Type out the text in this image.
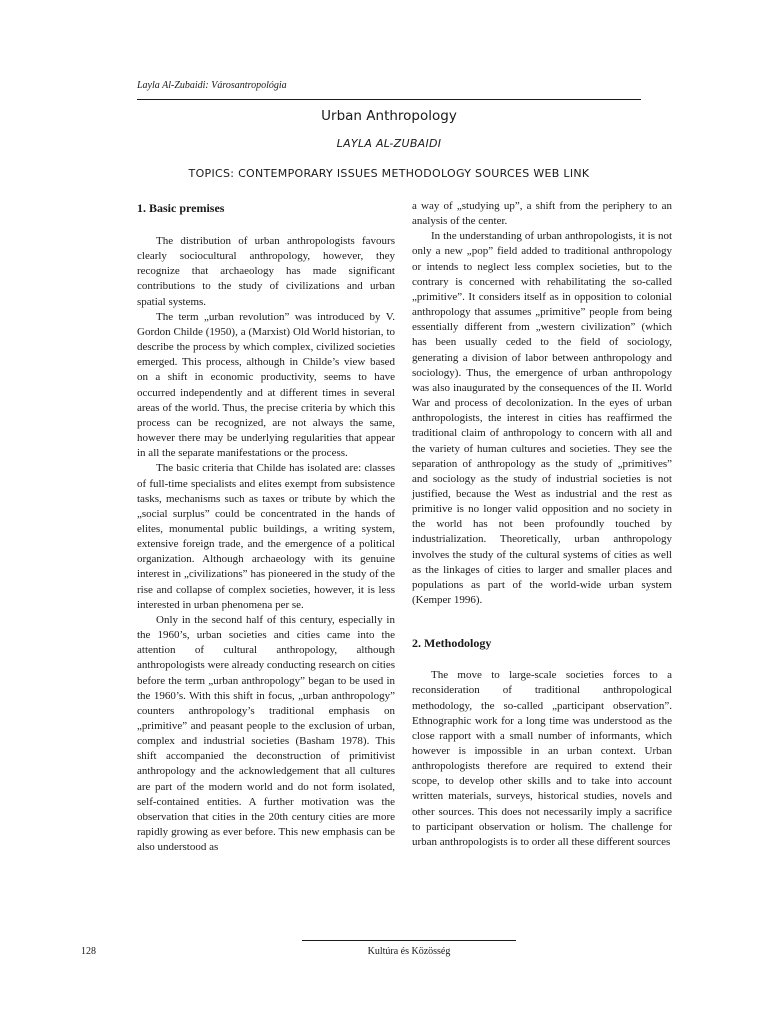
Layla Al-Zubaidi: Városantropológia
Urban Anthropology
LAYLA AL-ZUBAIDI
TOPICS: CONTEMPORARY ISSUES METHODOLOGY SOURCES WEB LINK
1. Basic premises

The distribution of urban anthropologists favours clearly sociocultural anthropology, however, they recognize that archaeology has made significant contributions to the study of civilizations and urban spatial systems.

The term „urban revolution” was introduced by V. Gordon Childe (1950), a (Marxist) Old World historian, to describe the process by which complex, civilized societies emerged. This process, although in Childe’s view based on a shift in economic productivity, seems to have occurred independently and at different times in several areas of the world. Thus, the precise criteria by which this process can be recognized, are not always the same, however there may be underlying regularities that appear in all the separate manifestations or the process.

The basic criteria that Childe has isolated are: classes of full-time specialists and elites exempt from subsistence tasks, mechanisms such as taxes or tribute by which the „social surplus” could be concentrated in the hands of elites, monumental public buildings, a writing system, extensive foreign trade, and the emergence of a political organization. Although archaeology with its genuine interest in „civilizations” has pioneered in the study of the rise and collapse of complex societies, however, it is less interested in urban phenomena per se.

Only in the second half of this century, especially in the 1960’s, urban societies and cities came into the attention of cultural anthropology, although anthropologists were already conducting research on cities before the term „urban anthropology” began to be used in the 1960’s. With this shift in focus, „urban anthropology” counters anthropology’s traditional emphasis on „primitive” and peasant people to the exclusion of urban, complex and industrial societies (Basham 1978). This shift accompanied the deconstruction of primitivist anthropology and the acknowledgement that all cultures are part of the modern world and do not form isolated, self-contained entities. A further motivation was the observation that cities in the 20th century cities are more rapidly growing as ever before. This new emphasis can be also understood as

a way of „studying up”, a shift from the periphery to an analysis of the center.

In the understanding of urban anthropologists, it is not only a new „pop” field added to traditional anthropology or intends to neglect less complex societies, but to the contrary is concerned with rehabilitating the so-called „primitive”. It considers itself as in opposition to colonial anthropology that assumes „primitive” people from being essentially different from „western civilization” (which has been usually ceded to the field of sociology, generating a division of labor between anthropology and sociology). Thus, the emergence of urban anthropology was also inaugurated by the consequences of the II. World War and process of decolonization. In the eyes of urban anthropologists, the interest in cities has reaffirmed the traditional claim of anthropology to concern with all and the variety of human cultures and societies. They see the separation of anthropology as the study of „primitives” and sociology as the study of industrial societies is not justified, because the West as industrial and the rest as primitive is no longer valid opposition and no society in the world has not been profoundly touched by industrialization. Theoretically, urban anthropology involves the study of the cultural systems of cities as well as the linkages of cities to larger and smaller places and populations as part of the world-wide urban system (Kemper 1996).

2. Methodology

The move to large-scale societies forces to a reconsideration of traditional anthropological methodology, the so-called „participant observation”. Ethnographic work for a long time was understood as the close rapport with a small number of informants, which however is impossible in an urban context. Urban anthropologists therefore are required to extend their scope, to develop other skills and to take into account written materials, surveys, historical studies, novels and other sources. This does not necessarily imply a sacrifice to participant observation or holism. The challenge for urban anthropologists is to order all these different sources

128	Kultúra és Közösség
